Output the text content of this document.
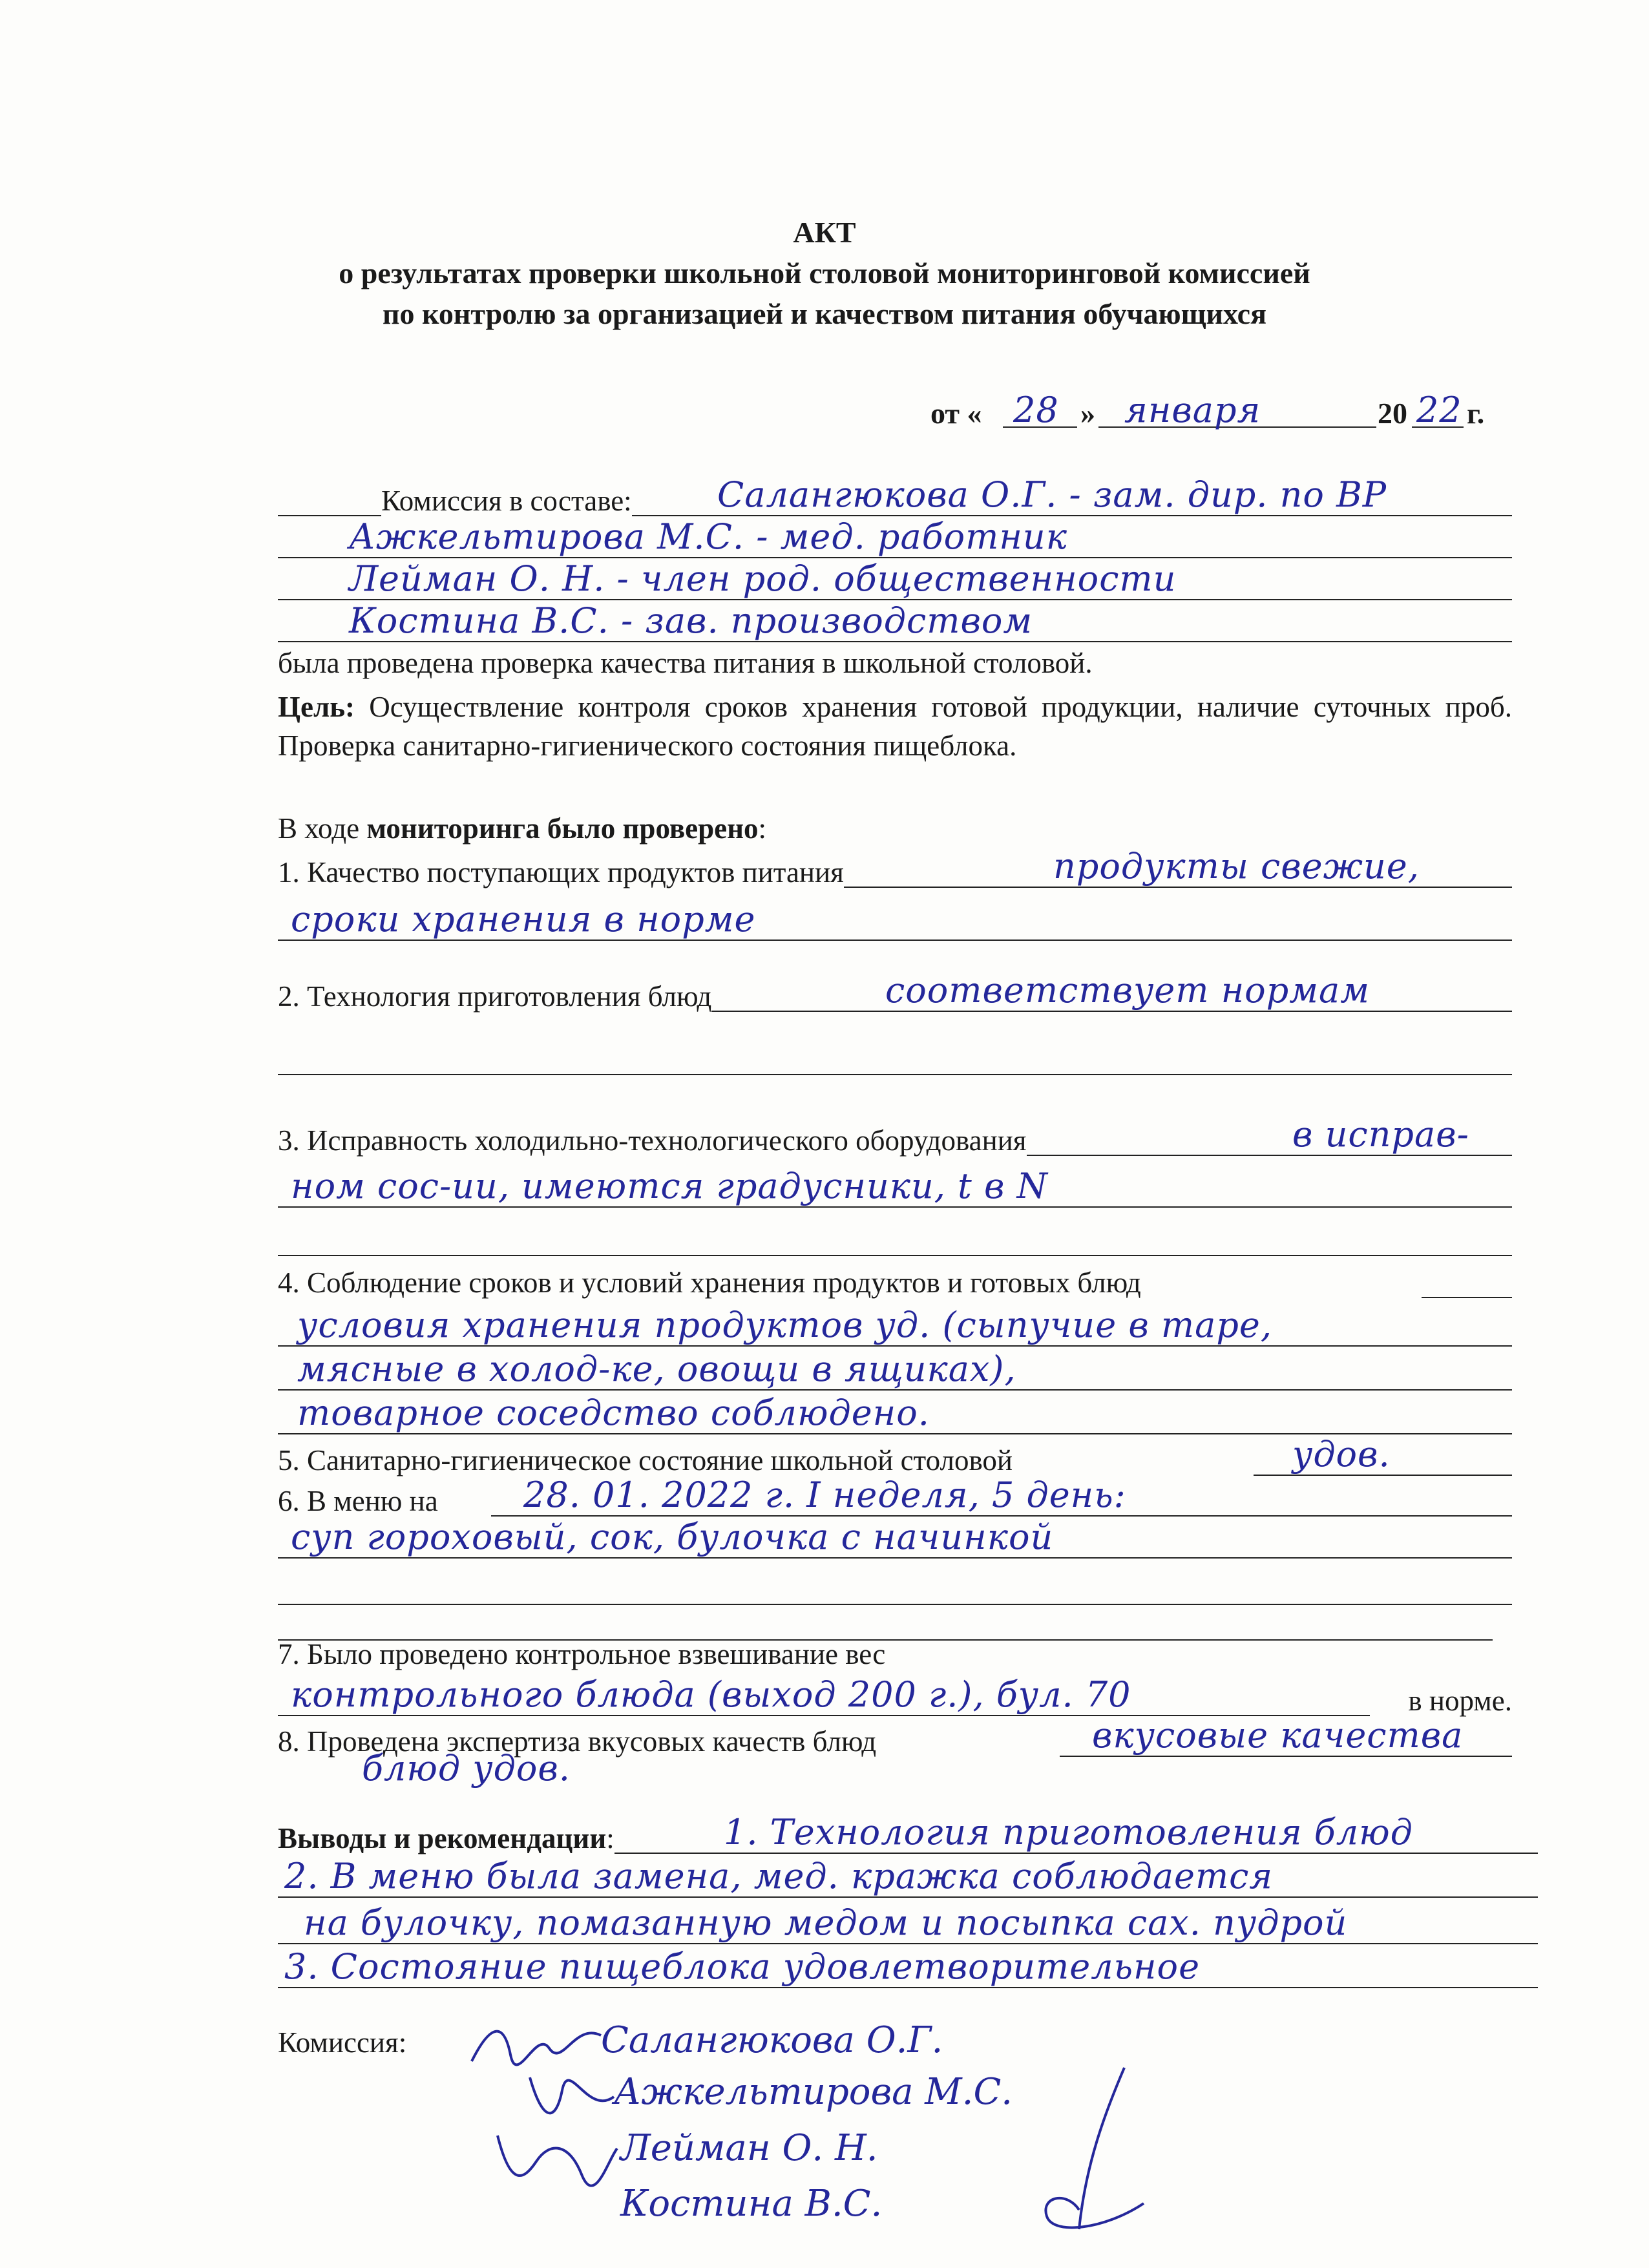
АКТ
о результатах проверки школьной столовой мониторинговой комиссией
по контролю за организацией и качеством питания обучающихся
от « 28 » января	20 22 г.
Комиссия в составе: Салангюкова О.Г. - зам. дир. по ВР
Ажкельтирова М.С. - мед. работник
Лейман О. Н. - член род. общественности
Костина В.С. - зав. производством
была проведена проверка качества питания в школьной столовой.
Цель: Осуществление контроля сроков хранения готовой продукции, наличие суточных проб. Проверка санитарно-гигиенического состояния пищеблока.
В ходе мониторинга было проверено:
1. Качество поступающих продуктов питания	продукты свежие,
сроки хранения в норме
2. Технология приготовления блюд	соответствует нормам
3. Исправность холодильно-технологического оборудования	в исправ-
ном сос-ии, имеются градусники, t в N
4. Соблюдение сроков и условий хранения продуктов и готовых блюд
условия хранения продуктов уд. (сыпучие в таре,
мясные в холод-ке, овощи в ящиках),
товарное соседство соблюдено.
5. Санитарно-гигиеническое состояние школьной столовой	удов.
6. В меню на 28. 01. 2022 г. I неделя, 5 день:
суп гороховый, сок, булочка с начинкой
7. Было проведено контрольное взвешивание вес
контрольного блюда (выход 200 г.), бул. 70	в норме.
8. Проведена экспертиза вкусовых качеств блюд	вкусовые качества
блюд удов.
Выводы и рекомендации:	1. Технология приготовления блюд
2. В меню была замена, мед. кражка соблюдается
на булочку, помазанную медом и посыпка сах. пудрой
3. Состояние пищеблока удовлетворительное
Комиссия:	Салангюкова О.Г.
Ажкельтирова М.С.
Лейман О. Н.
Костина В.С.
